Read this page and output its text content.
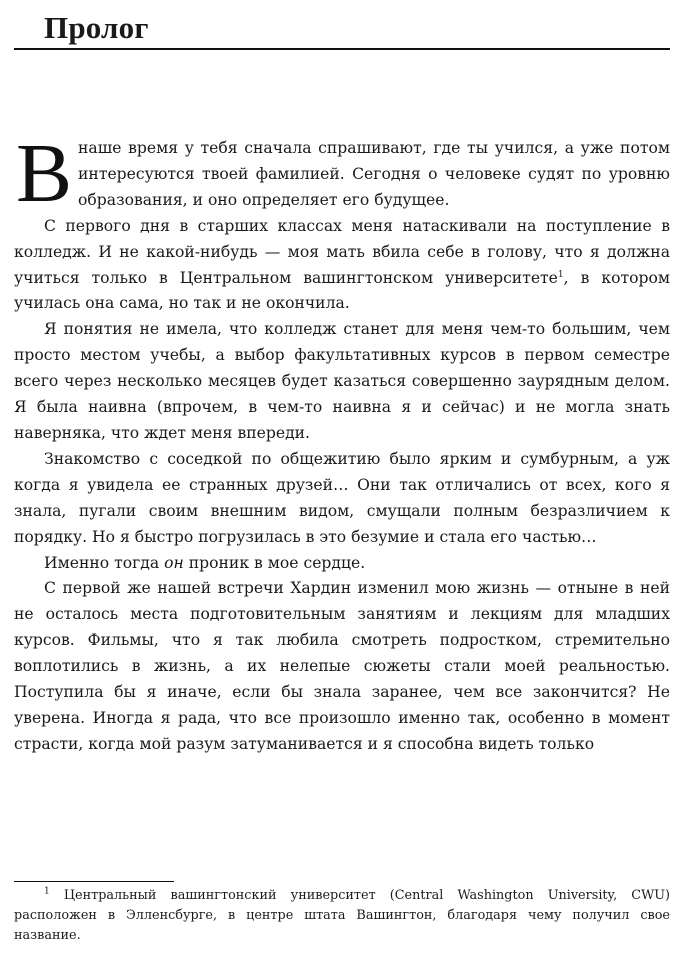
Пролог

Внаше время у тебя сначала спрашивают, где ты учился, а уже потом интересуются твоей фамилией. Сегодня о человеке судят по уровню образования, и оно определяет его будущее.

С первого дня в старших классах меня натаскивали на поступление в колледж. И не какой-нибудь — моя мать вбила себе в голову, что я должна учиться только в Центральном вашингтонском университете$^1$, в котором училась она сама, но так и не окончила.

Я понятия не имела, что колледж станет для меня чем-то большим, чем просто местом учебы, а выбор факультативных курсов в первом семестре всего через несколько месяцев будет казаться совершенно заурядным делом. Я была наивна (впрочем, в чем-то наивна я и сейчас) и не могла знать наверняка, что ждет меня впереди.

Знакомство с соседкой по общежитию было ярким и сумбурным, а уж когда я увидела ее странных друзей… Они так отличались от всех, кого я знала, пугали своим внешним видом, смущали полным безразличием к порядку. Но я быстро погрузилась в это безумие и стала его частью…

Именно тогда он проник в мое сердце.

С первой же нашей встречи Хардин изменил мою жизнь — отныне в ней не осталось места подготовительным занятиям и лекциям для младших курсов. Фильмы, что я так любила смотреть подростком, стремительно воплотились в жизнь, а их нелепые сюжеты стали моей реальностью. Поступила бы я иначе, если бы знала заранее, чем все закончится? Не уверена. Иногда я рада, что все произошло именно так, особенно в момент страсти, когда мой разум затуманивается и я способна видеть только

$^1$ Центральный вашингтонский университет (Central Washington University, CWU) расположен в Элленсбурге, в центре штата Вашингтон, благодаря чему получил свое название.
